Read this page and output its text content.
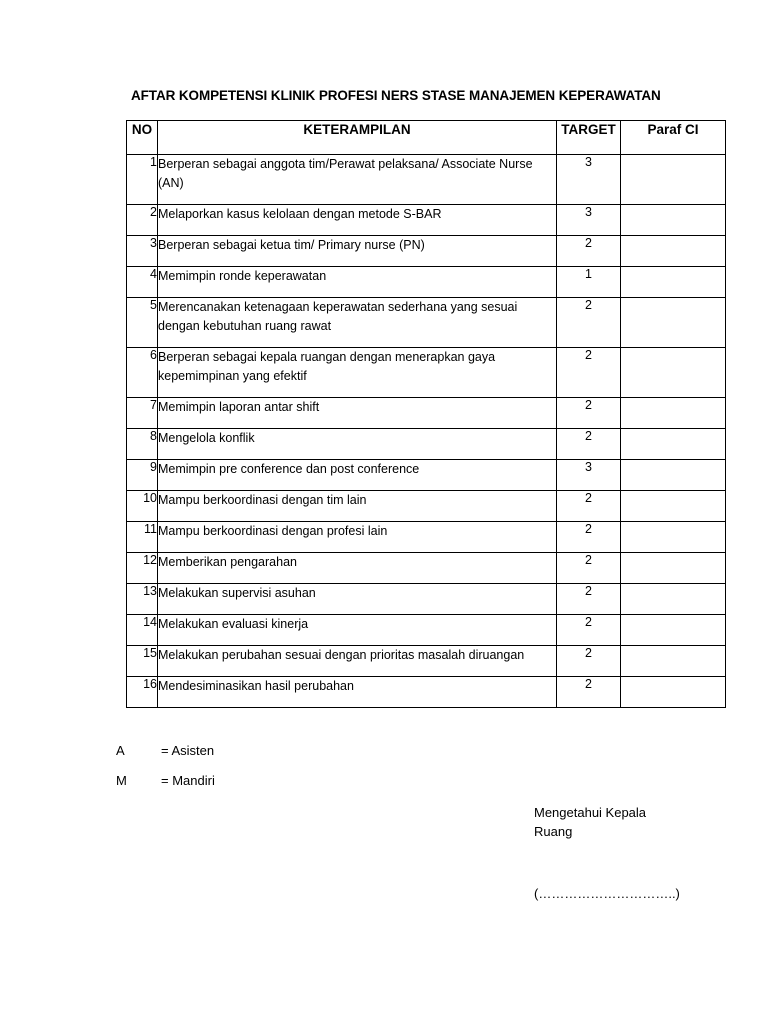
AFTAR KOMPETENSI KLINIK PROFESI NERS STASE MANAJEMEN KEPERAWATAN
NO	KETERAMPILAN	TARGET	Paraf CI
1	Berperan sebagai anggota tim/Perawat pelaksana/ Associate Nurse (AN)	3	
2	Melaporkan kasus kelolaan dengan metode S-BAR	3	
3	Berperan sebagai ketua tim/ Primary nurse (PN)	2	
4	Memimpin ronde keperawatan	1	
5	Merencanakan ketenagaan keperawatan sederhana yang sesuai dengan kebutuhan ruang rawat	2	
6	Berperan sebagai kepala ruangan dengan menerapkan gaya kepemimpinan yang efektif	2	
7	Memimpin laporan antar shift	2	
8	Mengelola konflik	2	
9	Memimpin pre conference dan post conference	3	
10	Mampu berkoordinasi dengan tim lain	2	
11	Mampu berkoordinasi dengan profesi lain	2	
12	Memberikan pengarahan	2	
13	Melakukan supervisi asuhan	2	
14	Melakukan evaluasi kinerja	2	
15	Melakukan perubahan sesuai dengan prioritas masalah diruangan	2	
16	Mendesiminasikan hasil perubahan	2	
A	= Asisten
M	= Mandiri
Mengetahui Kepala
Ruang
(…………………………..)
